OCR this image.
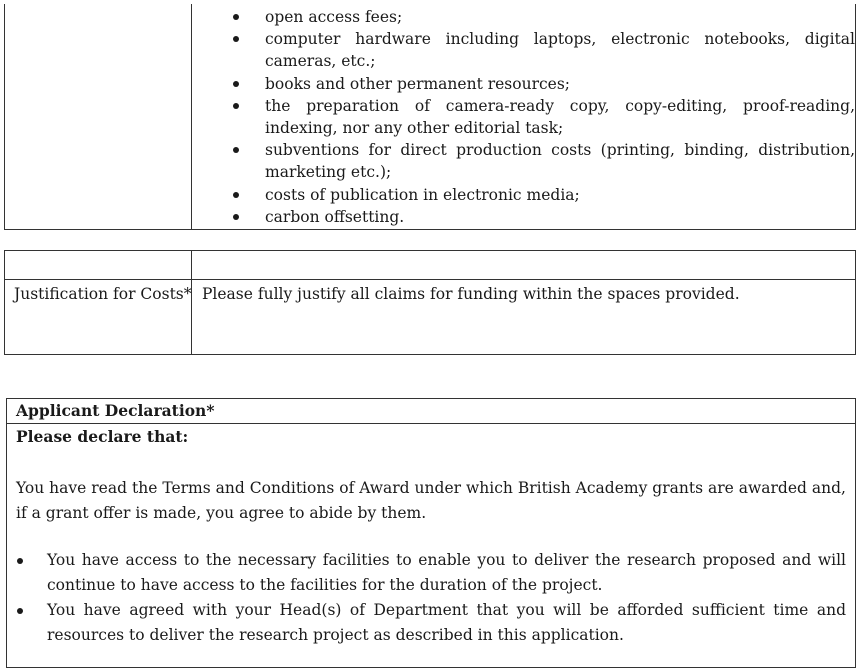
open access fees;
computer hardware including laptops, electronic notebooks, digital cameras, etc.;
books and other permanent resources;
the preparation of camera-ready copy, copy-editing, proof-reading, indexing, nor any other editorial task;
subventions for direct production costs (printing, binding, distribution, marketing etc.);
costs of publication in electronic media;
carbon offsetting.
Justification for Costs* Please fully justify all claims for funding within the spaces provided.
Applicant Declaration*
Please declare that:
You have read the Terms and Conditions of Award under which British Academy grants are awarded and, if a grant offer is made, you agree to abide by them.
You have access to the necessary facilities to enable you to deliver the research proposed and will continue to have access to the facilities for the duration of the project.
You have agreed with your Head(s) of Department that you will be afforded sufficient time and resources to deliver the research project as described in this application.
